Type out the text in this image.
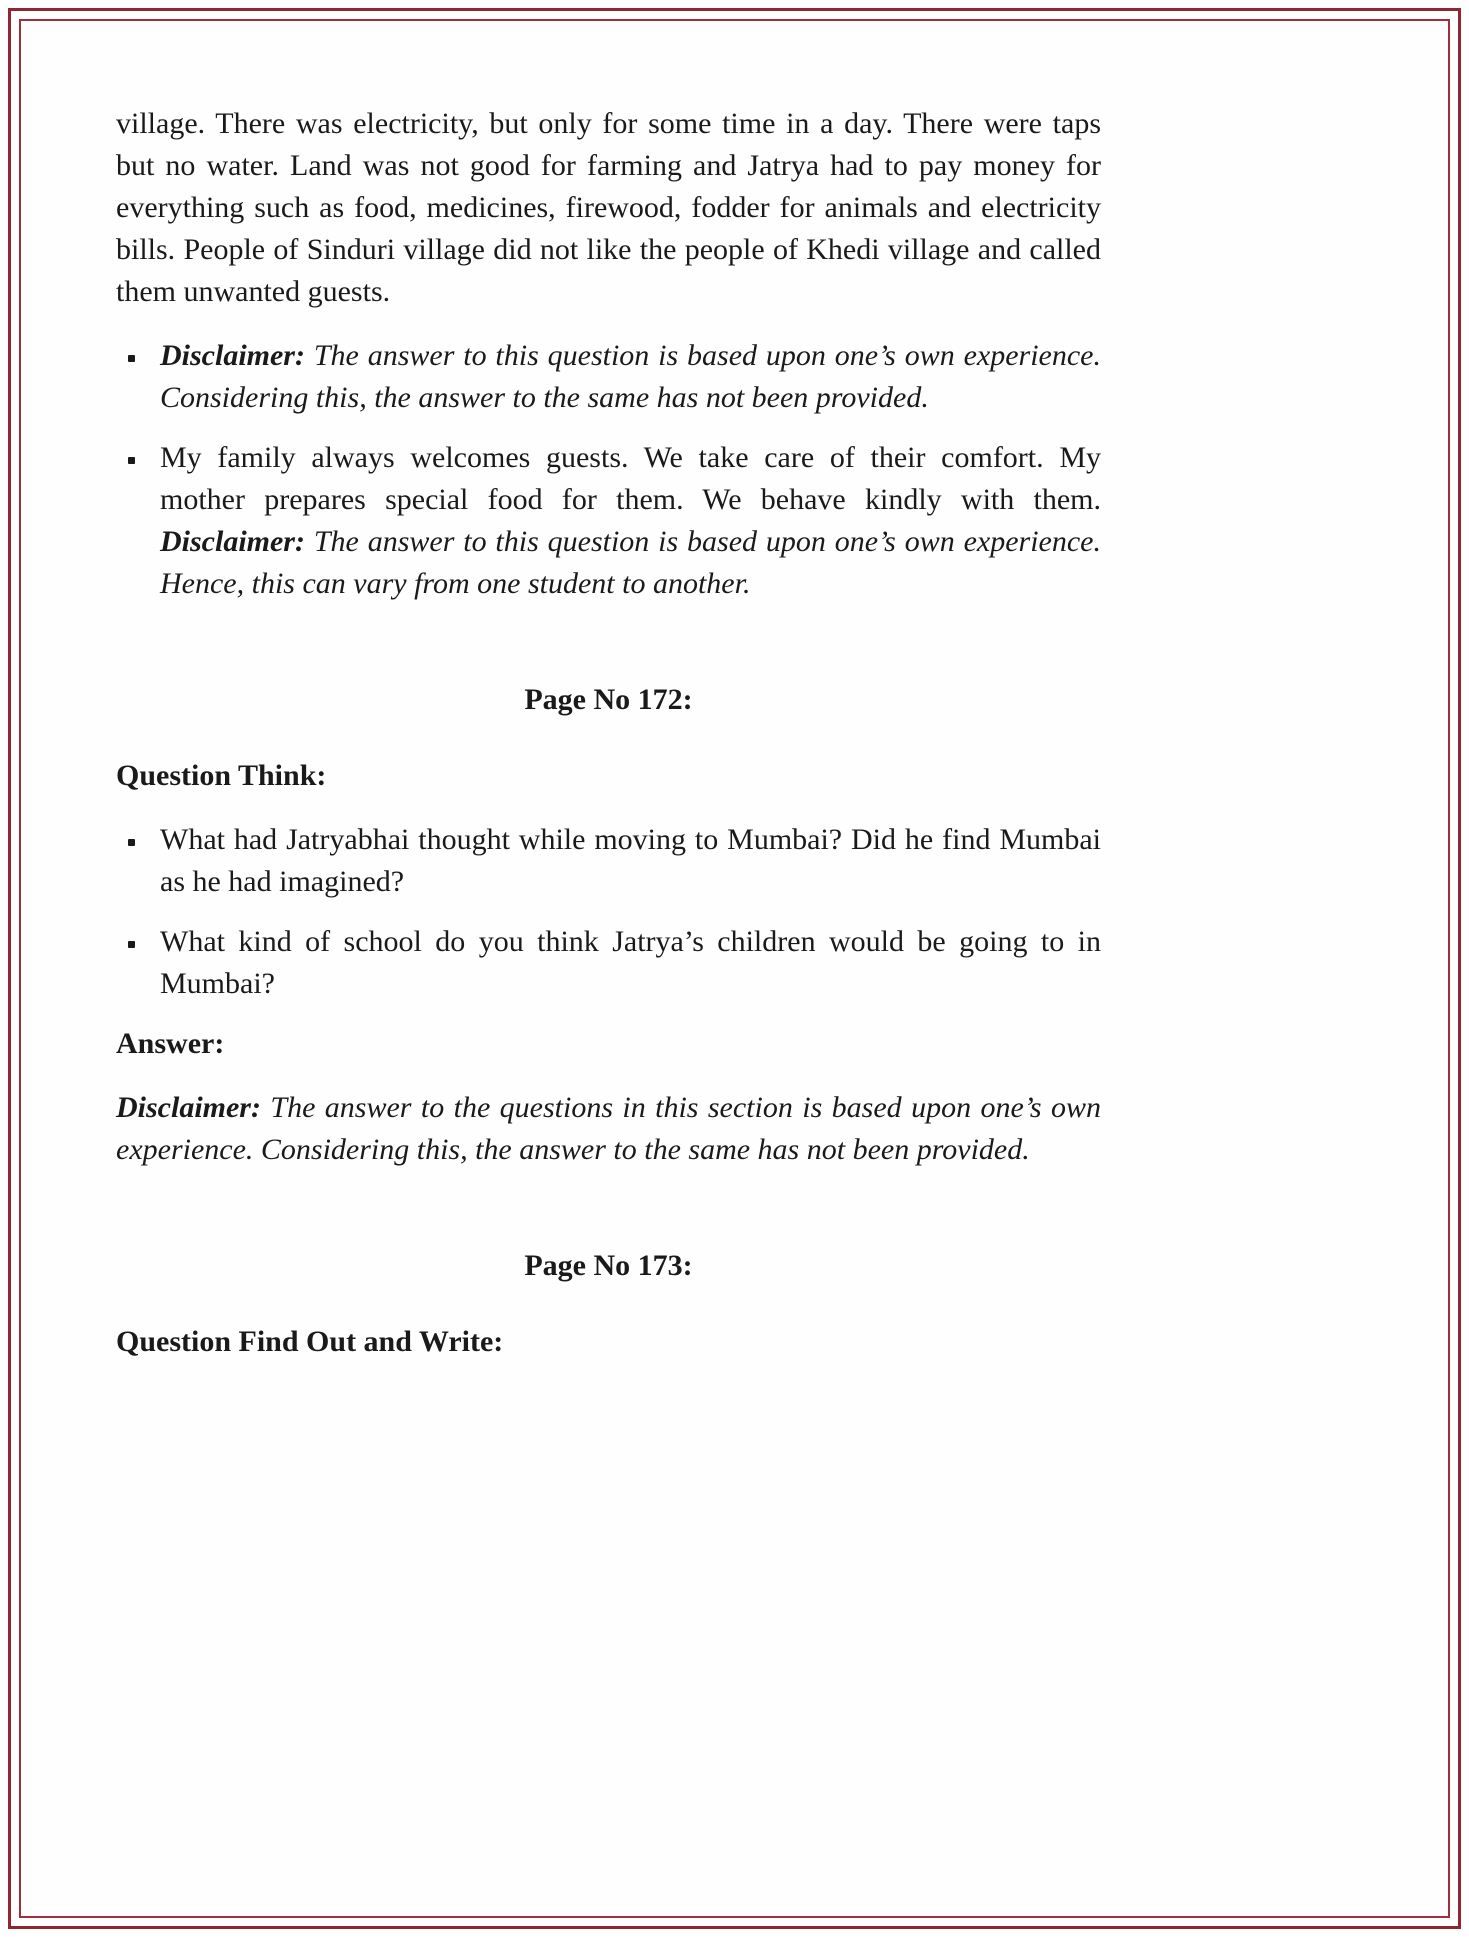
village. There was electricity, but only for some time in a day. There were taps but no water. Land was not good for farming and Jatrya had to pay money for everything such as food, medicines, firewood, fodder for animals and electricity bills. People of Sinduri village did not like the people of Khedi village and called them unwanted guests.

Disclaimer: The answer to this question is based upon one’s own experience. Considering this, the answer to the same has not been provided.
My family always welcomes guests. We take care of their comfort. My mother prepares special food for them. We behave kindly with them. Disclaimer: The answer to this question is based upon one’s own experience. Hence, this can vary from one student to another.
Page No 172:
Question Think:
What had Jatryabhai thought while moving to Mumbai? Did he find Mumbai as he had imagined?
What kind of school do you think Jatrya’s children would be going to in Mumbai?
Answer:

Disclaimer: The answer to the questions in this section is based upon one’s own experience. Considering this, the answer to the same has not been provided.

Page No 173:
Question Find Out and Write:
